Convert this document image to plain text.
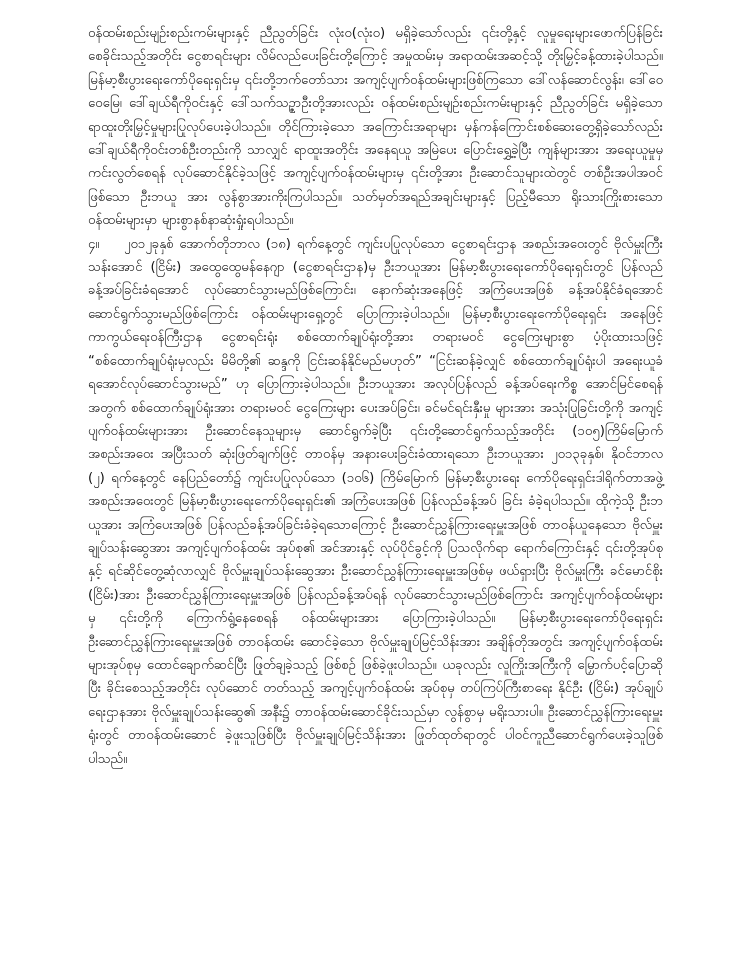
ဝန်ထမ်းစည်းမျဉ်းစည်းကမ်းများနှင့် ညီညွတ်ခြင်း လုံး၀(လုံး၀) မရှိခဲ့သော်လည်း ၎င်းတို့နှင့် လူမှုရေးများဖောက်ပြန်ခြင်း စေခိုင်းသည့်အတိုင်း ငွေစာရင်းများ လိမ်လည်ပေးခြင်းတို့ကြောင့် အမှုထမ်းမှ အရာထမ်းအဆင့်သို့ တိုးမြှင့်ခန့်ထားခဲ့ပါသည်။ မြန်မာ့စီးပွားရေးကော်ပိုရေးရှင်းမှ ၎င်းတို့ဘက်တော်သား အကျင့်ပျက်ဝန်ထမ်းများဖြစ်ကြသော ဒေါ်လန်ဆောင်လွန်း၊ ဒေါ်ဝေဝေမြေ၊ ဒေါ်ချယ်ရီကိုဝင်းနှင့် ဒေါ်သက်သဉ္ဇာဦးတို့အားလည်း ဝန်ထမ်းစည်းမျဉ်းစည်းကမ်းများနှင့် ညီညွတ်ခြင်း မရှိခဲ့သော ရာထူးတိုးမြှင့်မှုများပြုလုပ်ပေးခဲ့ပါသည်။ တိုင်ကြားခဲ့သော အကြောင်းအရာများ မှန်ကန်ကြောင်းစစ်ဆေးတွေ့ရှိခဲ့သော်လည်း ဒေါ်ချယ်ရီကိုဝင်းတစ်ဦးတည်းကို သာလျှင် ရာထူးအတိုင်း အနေရယူ အမြဲပေး ပြောင်းရွှေ့ခဲ့ပြီး ကျန်များအား အရေးယူမှုမှ ကင်းလွတ်စေရန် လုပ်ဆောင်နိုင်ခဲ့သဖြင့် အကျင့်ပျက်ဝန်ထမ်းများမှ ၎င်းတို့အား ဦးဆောင်သူများထဲတွင် တစ်ဦးအပါအဝင်ဖြစ်သော ဦးဘယူ အား လွန်စွာအားကိုးကြပါသည်။ သတ်မှတ်အရည်အချင်းများနှင့် ပြည့်မီသော ရိုးသားကြိုးစားသောဝန်ထမ်းများမှာ များစွာနစ်နာဆုံးရှုံးရပါသည်။

၄။ ၂၀၁၂ခုနှစ် အောက်တိုဘာလ (၁၈) ရက်နေ့တွင် ကျင်းပပြုလုပ်သော ငွေစာရင်းဌာန အစည်းအဝေးတွင် ဗိုလ်မှူးကြီး သန်းအောင် (ငြိမ်း) အထွေထွေမန်နေဂျာ (ငွေစာရင်းဌာန)မှ ဦးဘယူအား မြန်မာ့စီးပွားရေးကော်ပိုရေးရှင်းတွင် ပြန်လည်ခန့်အပ်ခြင်းခံရအောင် လုပ်ဆောင်သွားမည်ဖြစ်ကြောင်း၊ နောက်ဆုံးအနေဖြင့် အကြံပေးအဖြစ် ခန့်အပ်နိုင်ခံရအောင် ဆောင်ရွက်သွားမည်ဖြစ်ကြောင်း ဝန်ထမ်းများရှေ့တွင် ပြောကြားခဲ့ပါသည်။ မြန်မာ့စီးပွားရေးကော်ပိုရေးရှင်း အနေဖြင့် ကာကွယ်ရေးဝန်ကြီးဌာန ငွေစာရင်းရုံး စစ်ထောက်ချုပ်ရုံးတို့အား တရားမဝင် ငွေကြေးများစွာ ပံ့ပိုးထားသဖြင့် “စစ်ထောက်ချုပ်ရုံးမှလည်း မိမိတို့၏ ဆန္ဒကို ငြင်းဆန်နိုင်မည်မဟုတ်” “ငြင်းဆန်ခဲ့လျှင် စစ်ထောက်ချုပ်ရုံးပါ အရေးယူခံရအောင်လုပ်ဆောင်သွားမည်” ဟု ပြောကြားခဲ့ပါသည်။ ဦးဘယူအား အလုပ်ပြန်လည် ခန့်အပ်ရေးကိစ္စ အောင်မြင်စေရန်အတွက် စစ်ထောက်ချုပ်ရုံးအား တရားမဝင် ငွေကြေးများ ပေးအပ်ခြင်း၊ ခင်မင်ရင်းနှီးမှု များအား အသုံးပြုခြင်းတို့ကို အကျင့်ပျက်ဝန်ထမ်းများအား ဦးဆောင်နေသူများမှ ဆောင်ရွက်ခဲ့ပြီး ၎င်းတို့ဆောင်ရွက်သည့်အတိုင်း (၁၀၅)ကြိမ်မြောက် အစည်းအဝေး အပြီးသတ် ဆုံးဖြတ်ချက်ဖြင့် တာဝန်မှ အနားပေးခြင်းခံထားရသော ဦးဘယူအား ၂၀၁၃ခုနှစ်၊ နိုဝင်ဘာလ (၂) ရက်နေ့တွင် နေပြည်တော်၌ ကျင်းပပြုလုပ်သော (၁၀၆) ကြိမ်မြောက် မြန်မာ့စီးပွားရေး ကော်ပိုရေးရှင်းဒါရိုက်တာအဖွဲ့ အစည်းအဝေးတွင် မြန်မာ့စီးပွားရေးကော်ပိုရေးရှင်း၏ အကြံပေးအဖြစ် ပြန်လည်ခန့်အပ် ခြင်း ခံခဲ့ရပါသည်။ ထိုကဲ့သို့ ဦးဘယူအား အကြံပေးအဖြစ် ပြန်လည်ခန့်အပ်ခြင်းခံခဲ့ရသောကြောင့် ဦးဆောင်ညွှန်ကြားရေးမှူးအဖြစ် တာဝန်ယူနေသော ဗိုလ်မှူးချုပ်သန်းဆွေအား အကျင့်ပျက်ဝန်ထမ်း အုပ်စု၏ အင်အားနှင့် လုပ်ပိုင်ခွင့်ကို ပြသလိုက်ရာ ရောက်ကြောင်းနှင့် ၎င်းတို့အုပ်စုနှင့် ရင်ဆိုင်တွေ့ဆုံလာလျှင် ဗိုလ်မှူးချုပ်သန်းဆွေအား ဦးဆောင်ညွှန်ကြားရေးမှူးအဖြစ်မှ ဖယ်ရှားပြီး ဗိုလ်မှူးကြီး ခင်မောင်စိုး (ငြိမ်း)အား ဦးဆောင်ညွှန်ကြားရေးမှူးအဖြစ် ပြန်လည်ခန့်အပ်ရန် လုပ်ဆောင်သွားမည်ဖြစ်ကြောင်း အကျင့်ပျက်ဝန်ထမ်းများမှ ၎င်းတို့ကို ကြောက်ရွံ့နေစေရန် ဝန်ထမ်းများအား ပြောကြားခဲ့ပါသည်။ မြန်မာ့စီးပွားရေးကော်ပိုရေးရှင်း ဦးဆောင်ညွှန်ကြားရေးမှူးအဖြစ် တာဝန်ထမ်း ဆောင်ခဲ့သော ဗိုလ်မှူးချုပ်မြင့်သိန်းအား အချိန်တိုအတွင်း အကျင့်ပျက်ဝန်ထမ်းများအုပ်စုမှ ထောင်ချောက်ဆင်ပြီး ဖြုတ်ချခဲ့သည့် ဖြစ်စဉ် ဖြစ်ခဲ့ဖူးပါသည်။ ယခုလည်း လူကြိုးအကြီးကို မြှောက်ပင့်ပြောဆိုပြီး ခိုင်းစေသည့်အတိုင်း လုပ်ဆောင် တတ်သည့် အကျင့်ပျက်ဝန်ထမ်း အုပ်စုမှ တပ်ကြပ်ကြီးစာရေး နိုင်ဦး (ငြိမ်း) အုပ်ချုပ်ရေးဌာနအား ဗိုလ်မှူးချုပ်သန်းဆွေ၏ အနီး၌ တာဝန်ထမ်းဆောင်ခိုင်းသည်မှာ လွန်စွာမှ မရိုးသားပါ။ ဦးဆောင်ညွှန်ကြားရေးမှူးရုံးတွင် တာဝန်ထမ်းဆောင် ခဲ့ဖူးသူဖြစ်ပြီး ဗိုလ်မှူးချုပ်မြင့်သိန်းအား ဖြုတ်ထုတ်ရာတွင် ပါဝင်ကူညီဆောင်ရွက်ပေးခဲ့သူဖြစ်ပါသည်။
